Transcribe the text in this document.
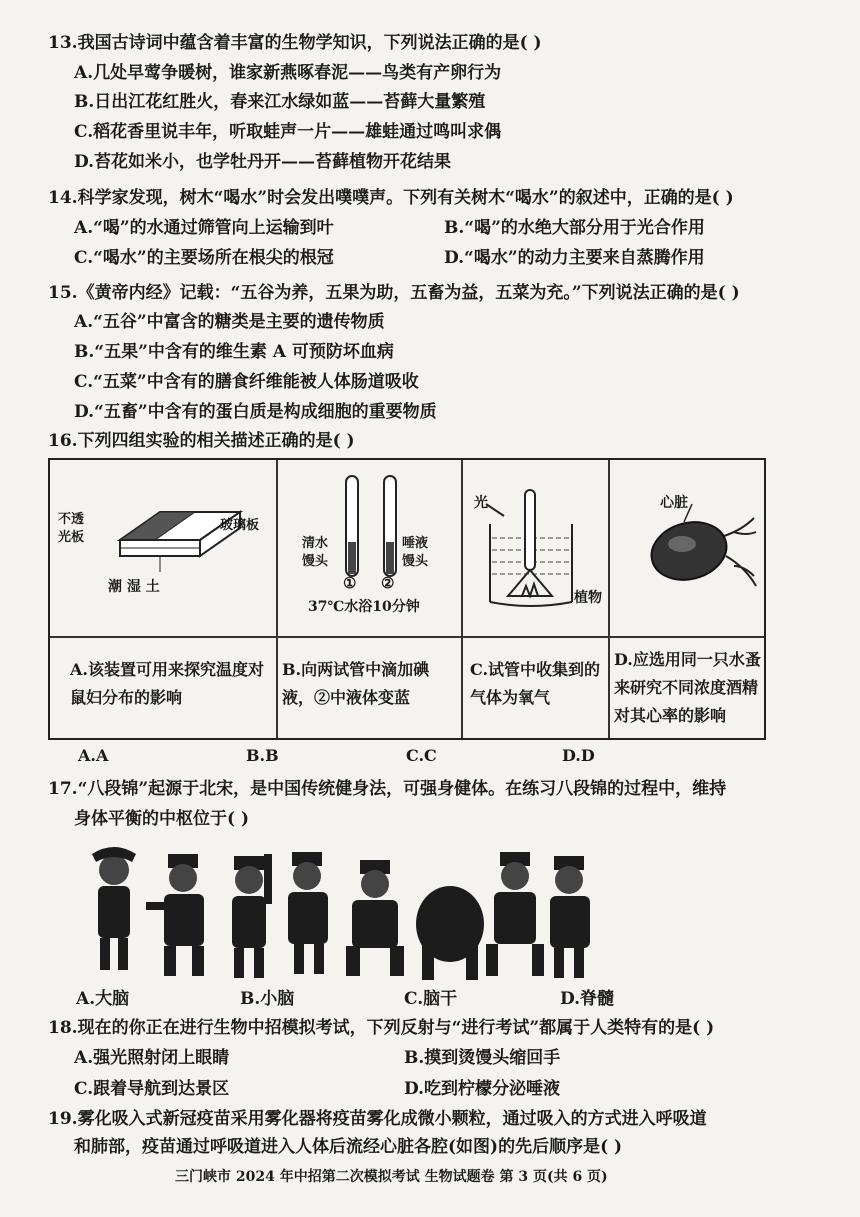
13.我国古诗词中蕴含着丰富的生物学知识，下列说法正确的是( )
A.几处早莺争暖树，谁家新燕啄春泥——鸟类有产卵行为
B.日出江花红胜火，春来江水绿如蓝——苔藓大量繁殖
C.稻花香里说丰年，听取蛙声一片——雄蛙通过鸣叫求偶
D.苔花如米小，也学牡丹开——苔藓植物开花结果
14.科学家发现，树木“喝水”时会发出噗噗声。下列有关树木“喝水”的叙述中，正确的是( )
A.“喝”的水通过筛管向上运输到叶	B.“喝”的水绝大部分用于光合作用
C.“喝水”的主要场所在根尖的根冠	D.“喝水”的动力主要来自蒸腾作用
15.《黄帝内经》记载：“五谷为养，五果为助，五畜为益，五菜为充。”下列说法正确的是( )
A.“五谷”中富含的糖类是主要的遗传物质
B.“五果”中含有的维生素 A 可预防坏血病
C.“五菜”中含有的膳食纤维能被人体肠道吸收
D.“五畜”中含有的蛋白质是构成细胞的重要物质
16.下列四组实验的相关描述正确的是( )
不透
光板
玻璃板
潮 湿 土
清水
馒头
唾液
馒头
① ②
37℃水浴10分钟
光
植物
心脏
A.该装置可用来探究温度对鼠妇分布的影响
B.向两试管中滴加碘液，②中液体变蓝
C.试管中收集到的气体为氧气
D.应选用同一只水蚤来研究不同浓度酒精对其心率的影响
A.A	B.B	C.C	D.D
17.“八段锦”起源于北宋，是中国传统健身法，可强身健体。在练习八段锦的过程中，维持
身体平衡的中枢位于( )
A.大脑	B.小脑	C.脑干	D.脊髓
18.现在的你正在进行生物中招模拟考试，下列反射与“进行考试”都属于人类特有的是( )
A.强光照射闭上眼睛	B.摸到烫馒头缩回手
C.跟着导航到达景区	D.吃到柠檬分泌唾液
19.雾化吸入式新冠疫苗采用雾化器将疫苗雾化成微小颗粒，通过吸入的方式进入呼吸道
和肺部，疫苗通过呼吸道进入人体后流经心脏各腔(如图)的先后顺序是( )
三门峡市 2024 年中招第二次模拟考试 生物试题卷 第 3 页(共 6 页)
